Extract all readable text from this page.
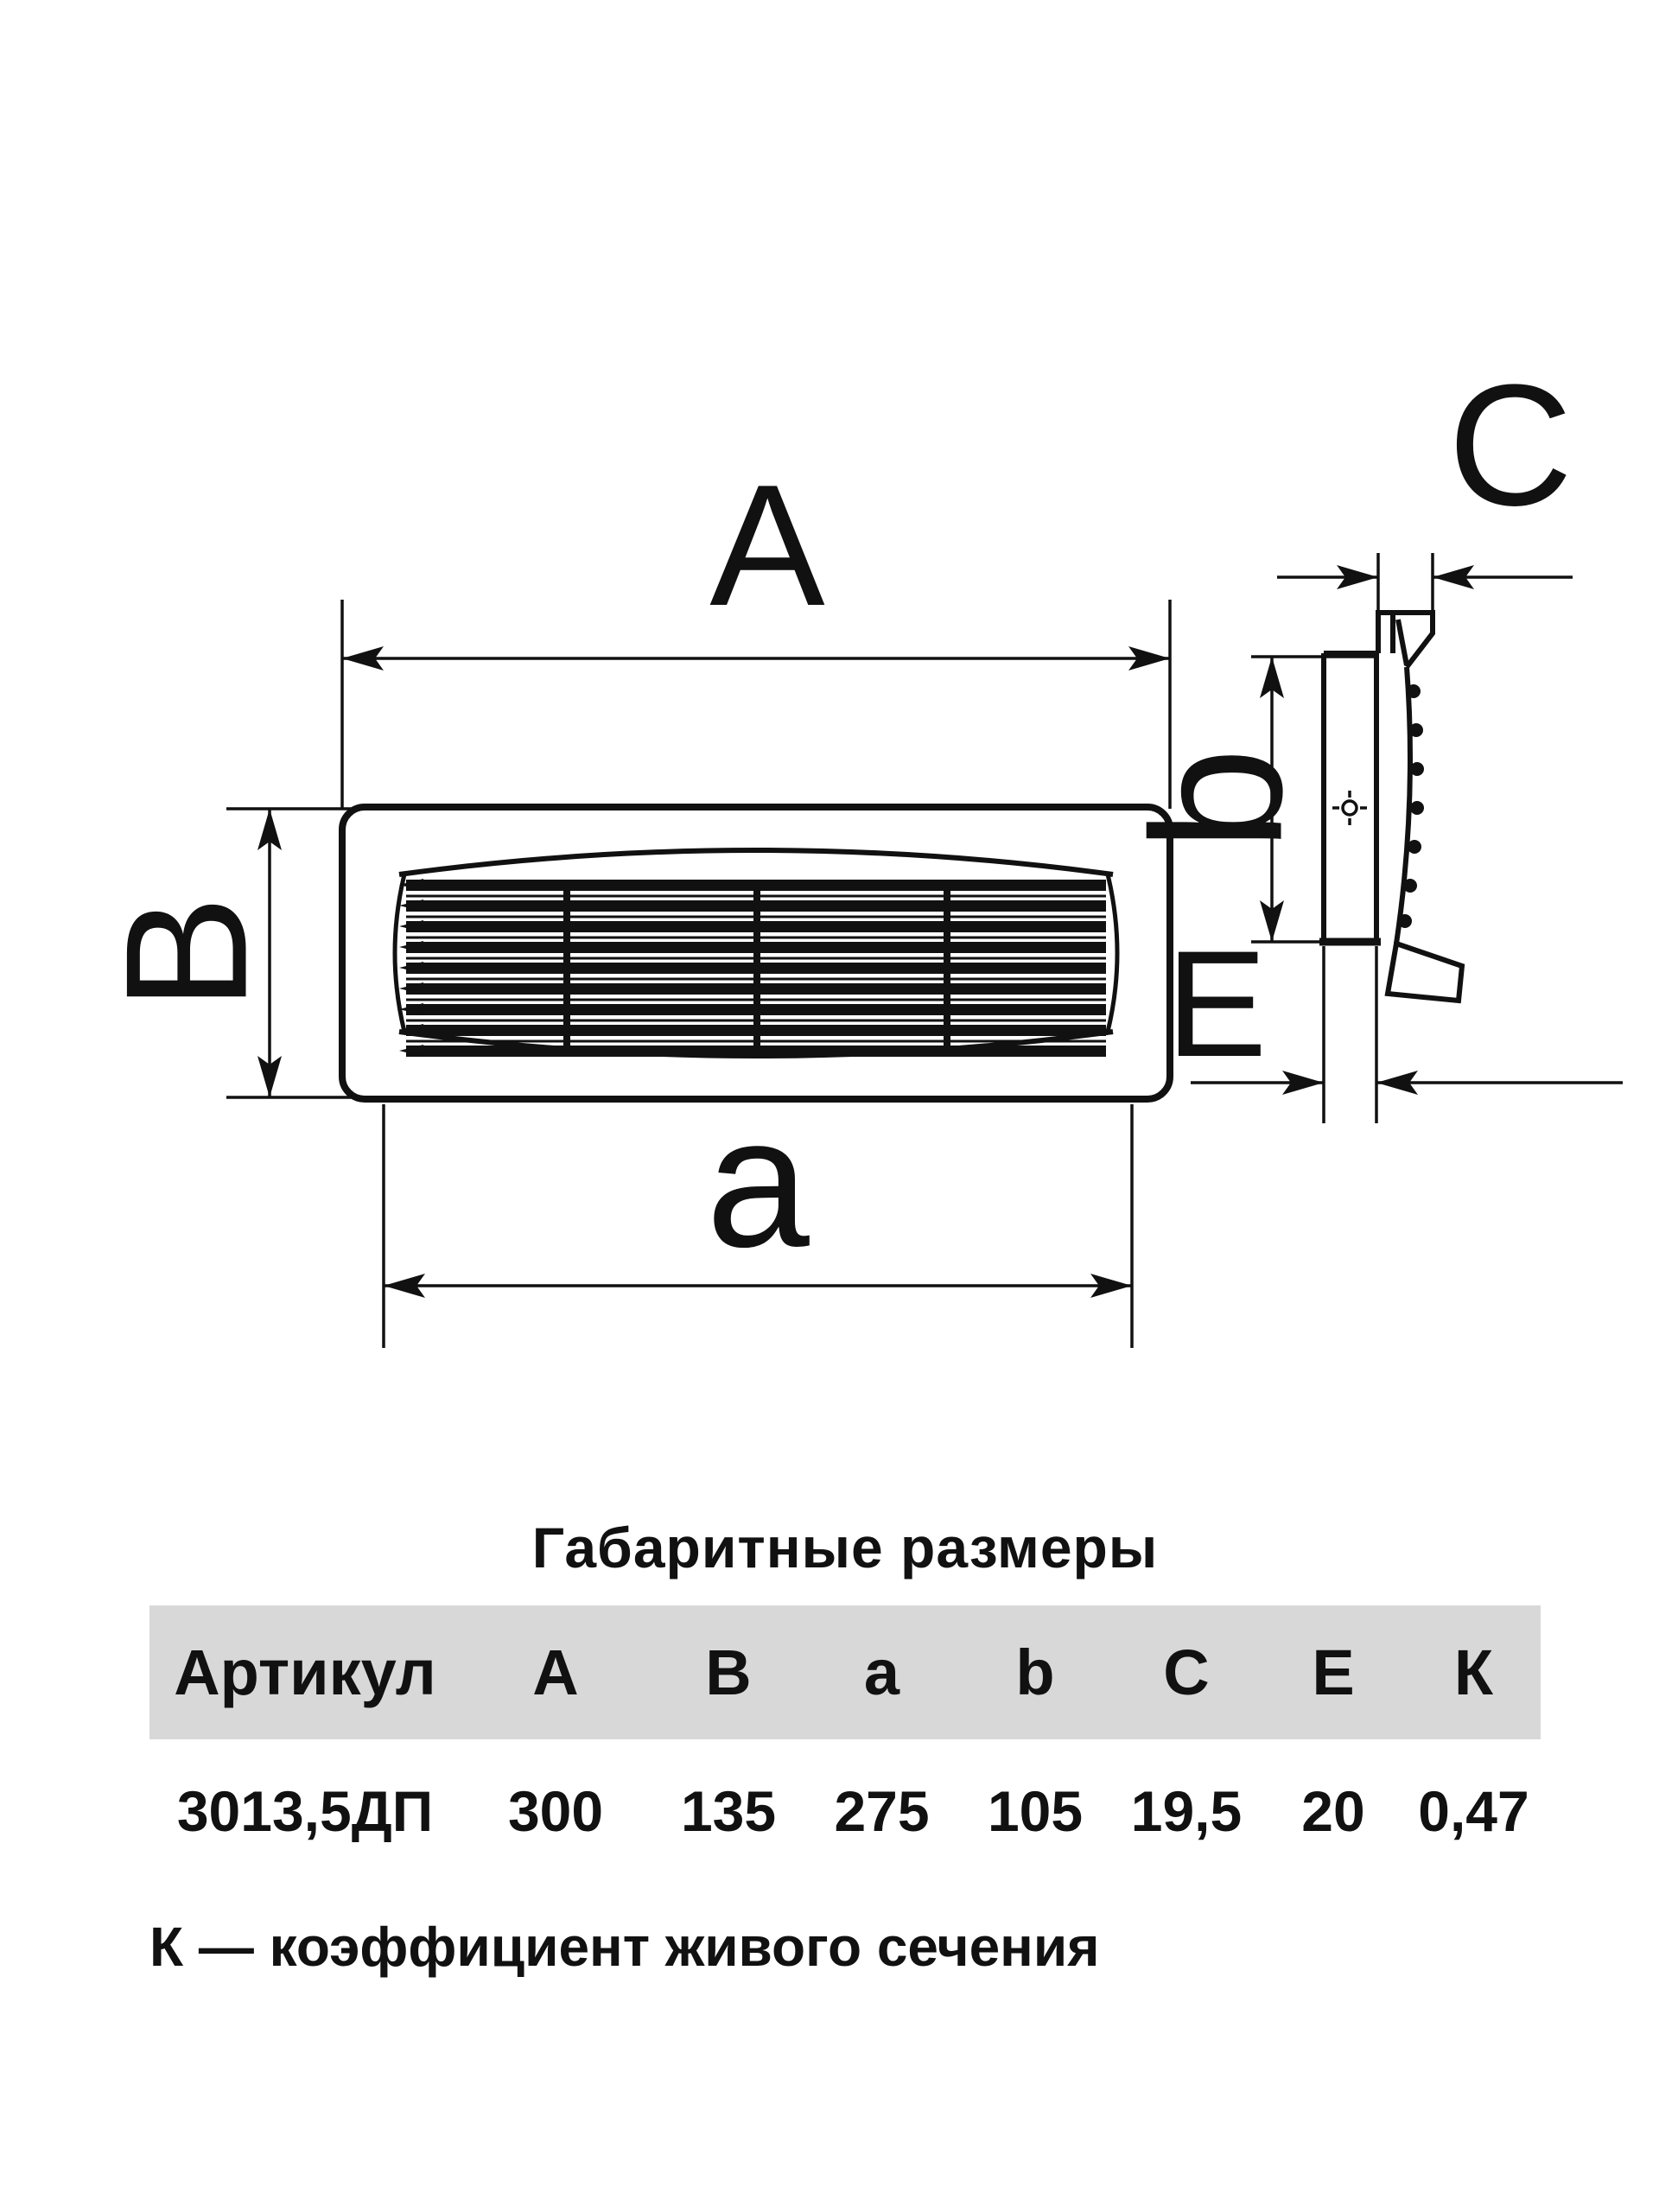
A
B
a
C
b
E
Габаритные размеры
Артикул	А	В	а	b	С	Е	К
3013,5ДП	300	135	275	105 19,5	20 0,47
К — коэффициент живого сечения
